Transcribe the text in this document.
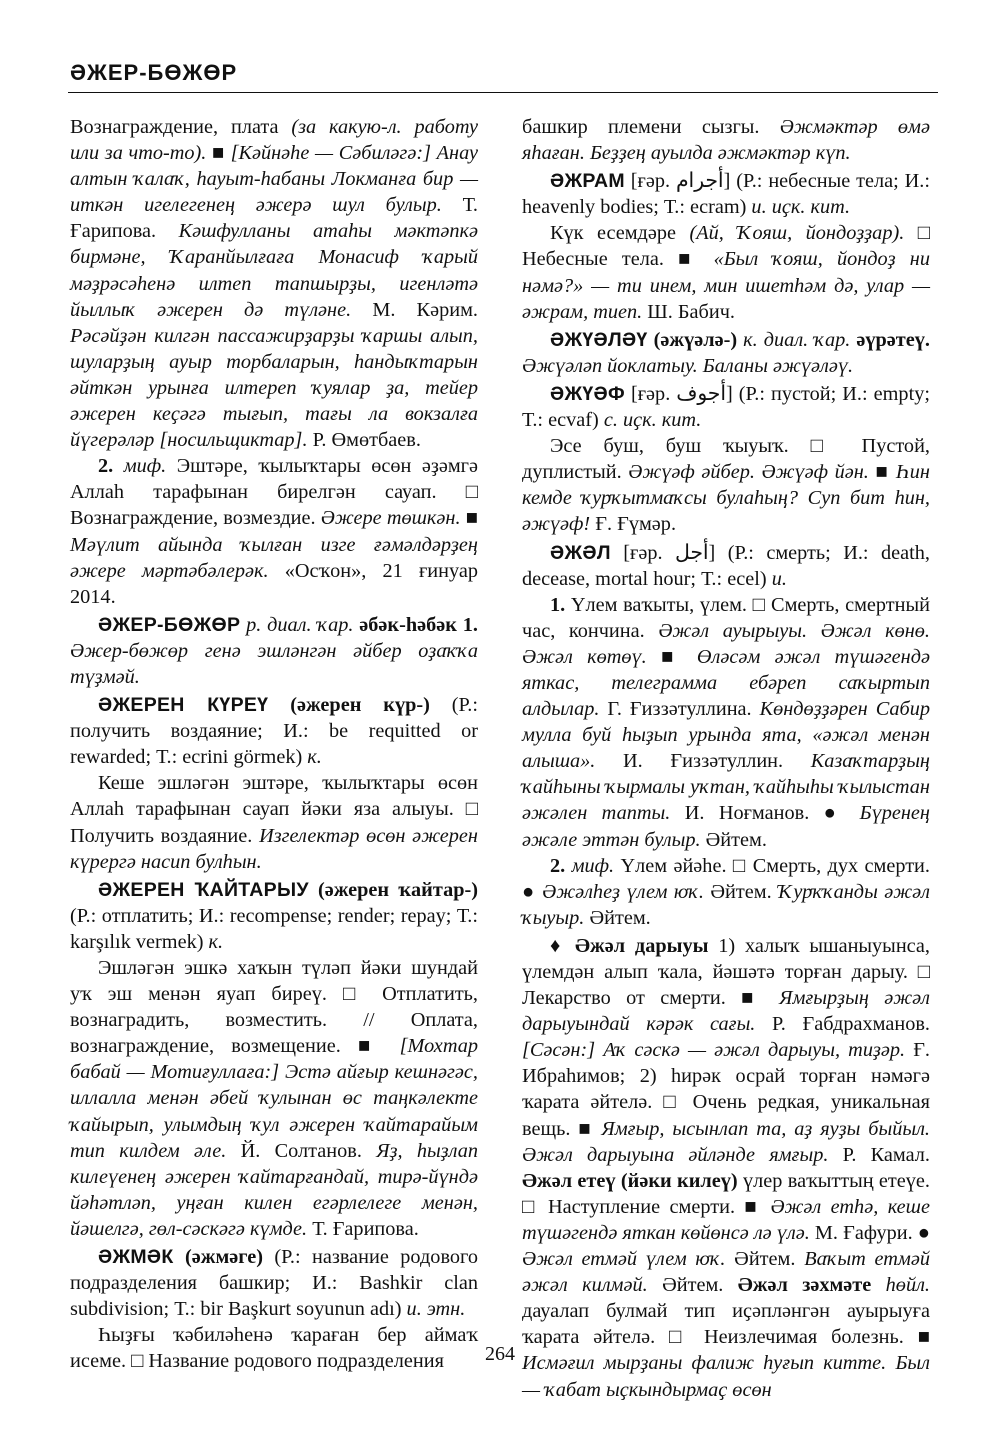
ӘЖЕР-БӨЖӨР

Вознаграждение, плата (за какую-л. работу или за что-то). ■ [Кәйнәһе — Сәбиләгә:] Анау алтын ҡалаҡ, һауыт-һабаны Локманға бир — иткән игелегенең әжерә шул булыр. Т. Ғарипова. Кәшфулланы атаһы мәктәпкә бирмәне, Ҡаранйылғаға Монасиф ҡарый мәҙрәсәһенә илтеп тапшырҙы, игенләтә йыллыҡ әжерен дә түләне. М. Кәрим. Рәсәйҙән килгән пассажирҙарҙы ҡаршы алып, шуларҙың ауыр торбаларын, һандыҡтарын әйткән урынға илтереп ҡуялар ҙа, тейер әжерен кеҫәгә тығып, тағы ла вокзалға йүгерәләр [носильщиктар]. Р. Өмөтбаев.

2. миф. Эштәре, ҡылыҡтары өсөн әҙәмгә Аллаһ тарафынан бирелгән сауап. □ Вознаграждение, возмездие. Әжере төшкән. ■ Мәүлит айында ҡылған изге ғәмәлдәрҙең әжере мәртәбәлерәк. «Осҡон», 21 ғинуар 2014.

ӘЖЕР-БӨЖӨР р. диал. ҡар. әбәк-һәбәк 1. Әжер-бөжөр генә эшләнгән әйбер оҙаҡҡа түҙмәй.

ӘЖЕРЕН КҮРЕҮ (әжерен күр-) (Р.: получить воздаяние; И.: be requitted or rewarded; Т.: ecrini görmek) к.

Кеше эшләгән эштәре, ҡылыҡтары өсөн Аллаһ тарафынан сауап йәки яза алыуы. □ Получить воздаяние. Изгелектәр өсөн әжерен күрергә насип булһын.

ӘЖЕРЕН ҠАЙТАРЫУ (әжерен ҡайтар-) (Р.: отплатить; И.: recompense; render; repay; Т.: karşılık vermek) к.

Эшләгән эшкә хаҡын түләп йәки шундай уҡ эш менән яуап биреү. □ Отплатить, вознаградить, возместить. // Оплата, вознаграждение, возмещение. ■ [Мохтар бабай — Мотиғуллаға:] Эстә айғыр кешнәгәс, иллалла менән әбей ҡулынан өс таңкәлекте ҡайырып, улымдың ҡул әжерен ҡайтарайым тип килдем әле. Й. Солтанов. Яҙ, һыҙлап килеүенең әжерен ҡайтарғандай, тирә-йүндә йәһәтләп, уңған килен егәрлелеге менән, йәшелгә, гөл-сәскәгә күмде. Т. Ғарипова.

ӘЖМӘК (әжмәге) (Р.: название родового подразделения башкир; И.: Bashkir clan subdivision; Т.: bir Başkurt soyunun adı) и. этн.

Һыҙғы ҡәбиләһенә ҡараған бер аймаҡ исеме. □ Название родового подразделения

башкир племени сызгы. Әжмәктәр өмә яһаған. Беҙҙең ауылда әжмәктәр күп.

ӘЖРАМ [ғәр. أجرام] (Р.: небесные тела; И.: heavenly bodies; Т.: ecram) и. иҫк. кит.

Күк есемдәре (Ай, Ҡояш, йондоҙҙар). □ Небесные тела. ■ «Был ҡояш, йондоҙ ни нәмә?» — ти инем, мин ишетһәм дә, улар — әжрам, тиеп. Ш. Бабич.

ӘЖҮӘЛӘҮ (әжүәлә-) к. диал. ҡар. әүрәтеү. Әжүәләп йоклатыу. Баланы әжүәләү.

ӘЖҮӘФ [ғәр. أجوف] (Р.: пустой; И.: empty; Т.: ecvaf) с. иҫк. кит.

Эсе буш, буш ҡыуыҡ. □ Пустой, дуплистый. Әжүәф әйбер. Әжүәф йән. ■ Һин кемде ҡурҡытмаҡсы булаһың? Суп бит һин, әжүәф! Ғ. Ғүмәр.

ӘЖӘЛ [ғәр. أجل] (Р.: смерть; И.: death, decease, mortal hour; Т.: ecel) и.

1. Үлем ваҡыты, үлем. □ Смерть, смертный час, кончина. Әжәл ауырыуы. Әжәл көнө. Әжәл көтөү. ■ Өләсәм әжәл түшәгендә яткас, телеграмма ебәреп саҡыртып алдылар. Г. Ғиззәтуллина. Көндөҙҙәрен Сабир мулла буй һыҙып урында ята, «әжәл менән алыша». И. Ғиззәтуллин. Казаҡтарҙың ҡайһыны ҡырмалы уҡтан, ҡайһыһы ҡылыстан әжәлен тапты. И. Ноғманов. ● Бүренең әжәле эттән булыр. Әйтем.

2. миф. Үлем әйәһе. □ Смерть, дух смерти. ● Әжәлһеҙ үлем юҡ. Әйтем. Ҡурҡҡанды әжәл ҡыуыр. Әйтем.

♦ Әжәл дарыуы 1) халыҡ ышаныуынса, үлемдән алып ҡала, йәшәтә торған дарыу. □ Лекарство от смерти. ■ Ямғырҙың әжәл дарыуындай кәрәк сағы. Р. Ғабдрахманов. [Сәсән:] Аҡ сәскә — әжәл дарыуы, тиҙәр. Ғ. Ибраһимов; 2) һирәк осрай торған нәмәгә ҡарата әйтелә. □ Очень редкая, уникальная вещь. ■ Ямғыр, ысынлап та, аҙ яуҙы быйыл. Әжәл дарыуына әйләнде ямғыр. Р. Камал. Әжәл етеү (йәки килеү) үлер ваҡыттың етеүе. □ Наступление смерти. ■ Әжәл етһә, кеше түшәгендә яткан көйөнсә лә үлә. М. Ғафури. ● Әжәл етмәй үлем юҡ. Әйтем. Ваҡыт етмәй әжәл килмәй. Әйтем. Әжәл зәхмәте һөйл. дауалап булмай тип иҫәпләнгән ауырыуға ҡарата әйтелә. □ Неизлечимая болезнь. ■ Исмәғил мырҙаны фалиж һуғып китте. Был — ҡабат ыҫкындырмаҫ өсөн

264
